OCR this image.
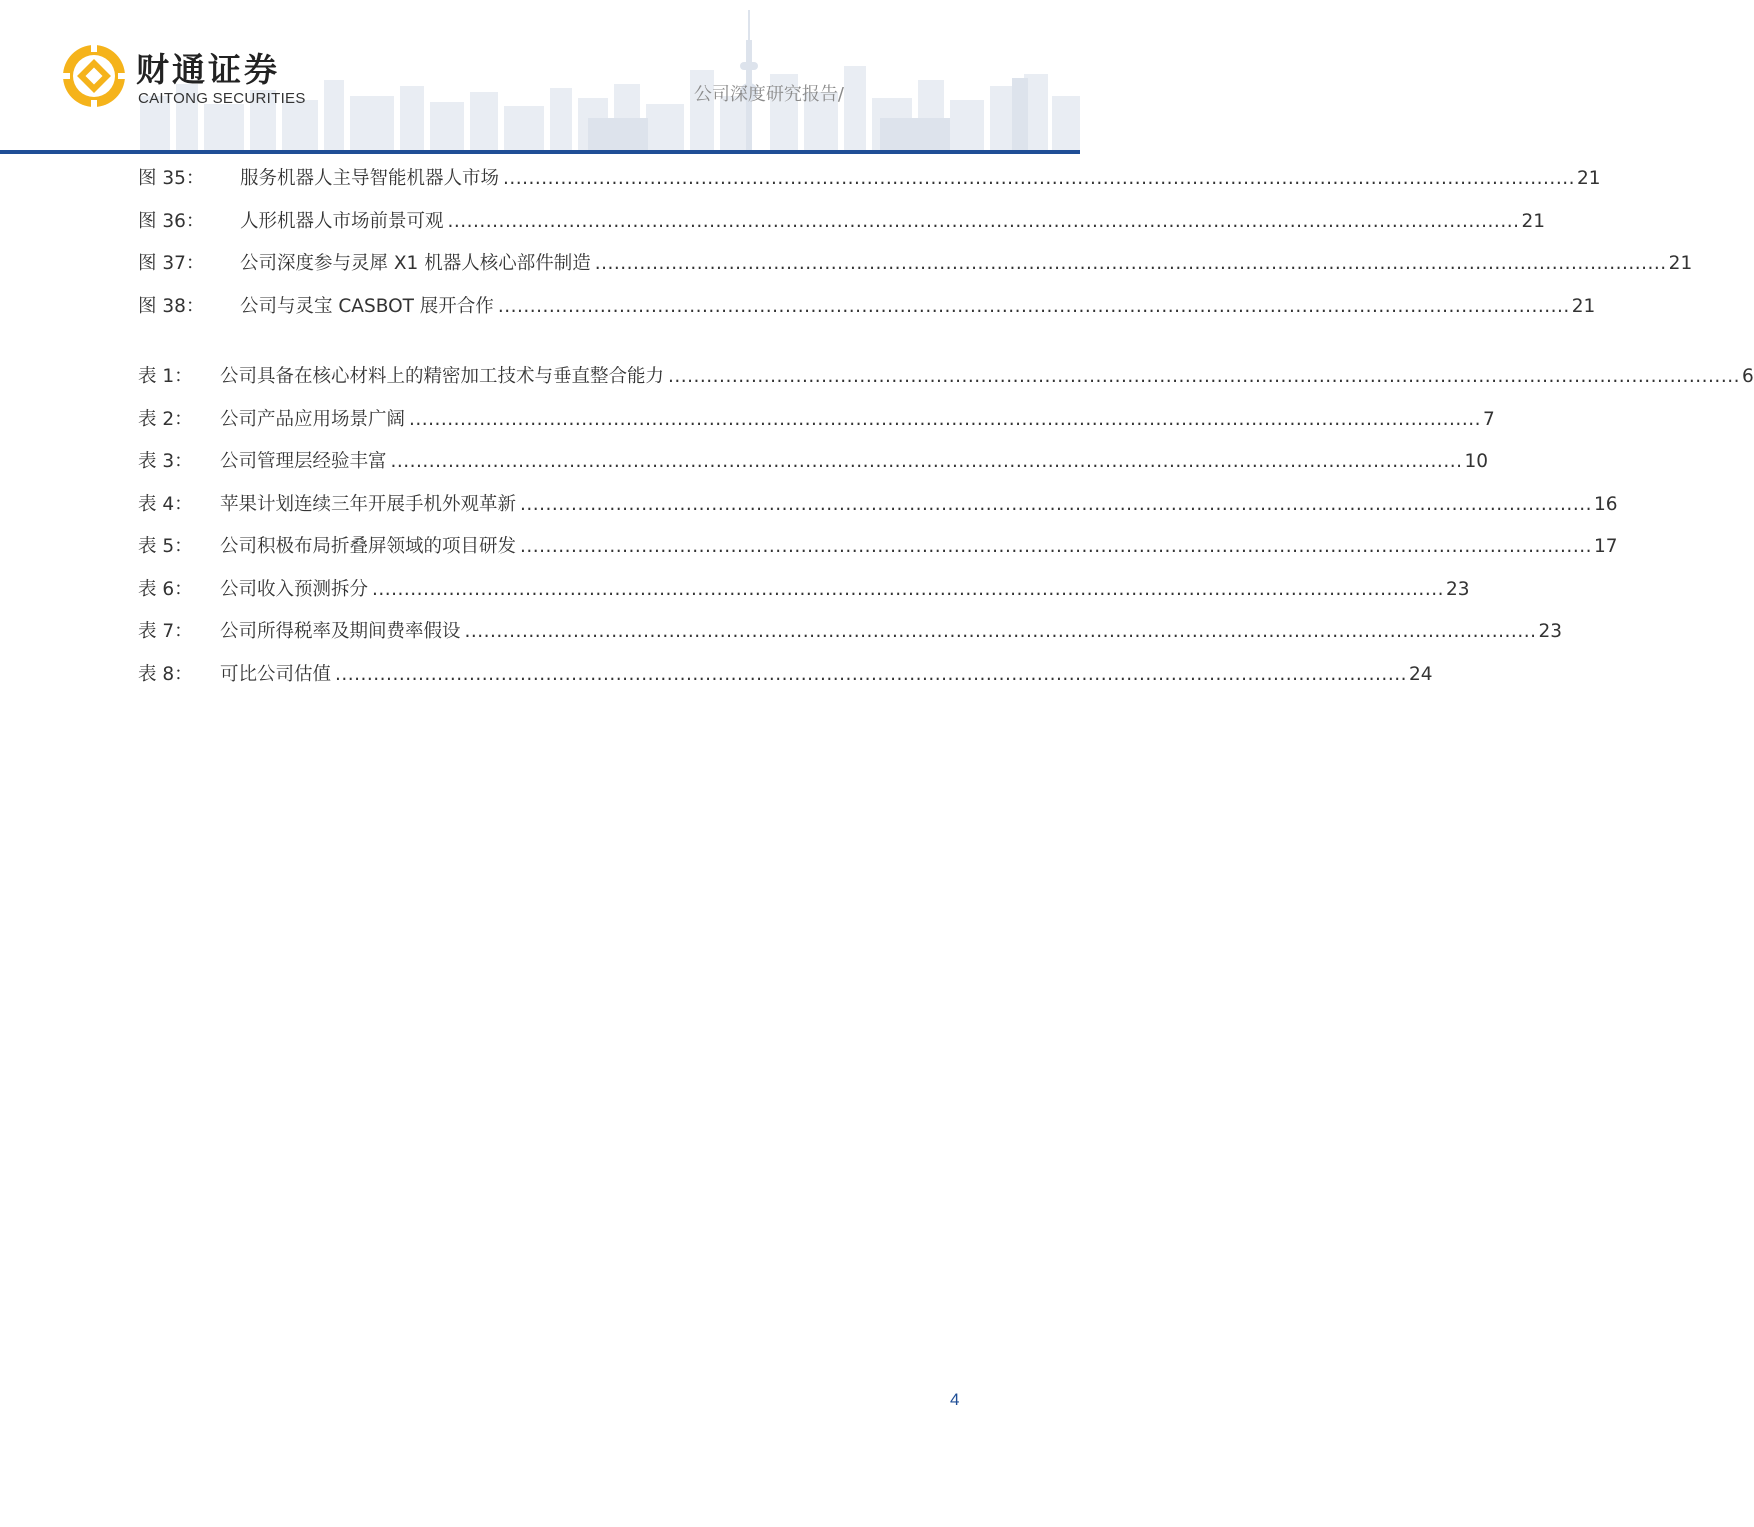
财通证券
CAITONG SECURITIES	公司深度研究报告/
图 35： 服务机器人主导智能机器人市场 ........................................................................................................................................................................ 21
图 36： 人形机器人市场前景可观 ........................................................................................................................................................................ 21
图 37： 公司深度参与灵犀 X1 机器人核心部件制造 ........................................................................................................................................................................ 21
图 38： 公司与灵宝 CASBOT 展开合作 ........................................................................................................................................................................ 21
表 1： 公司具备在核心材料上的精密加工技术与垂直整合能力 ........................................................................................................................................................................ 6
表 2： 公司产品应用场景广阔 ........................................................................................................................................................................ 7
表 3： 公司管理层经验丰富 ........................................................................................................................................................................ 10
表 4： 苹果计划连续三年开展手机外观革新 ........................................................................................................................................................................ 16
表 5： 公司积极布局折叠屏领域的项目研发 ........................................................................................................................................................................ 17
表 6： 公司收入预测拆分 ........................................................................................................................................................................ 23
表 7： 公司所得税率及期间费率假设 ........................................................................................................................................................................ 23
表 8： 可比公司估值 ........................................................................................................................................................................ 24
4
